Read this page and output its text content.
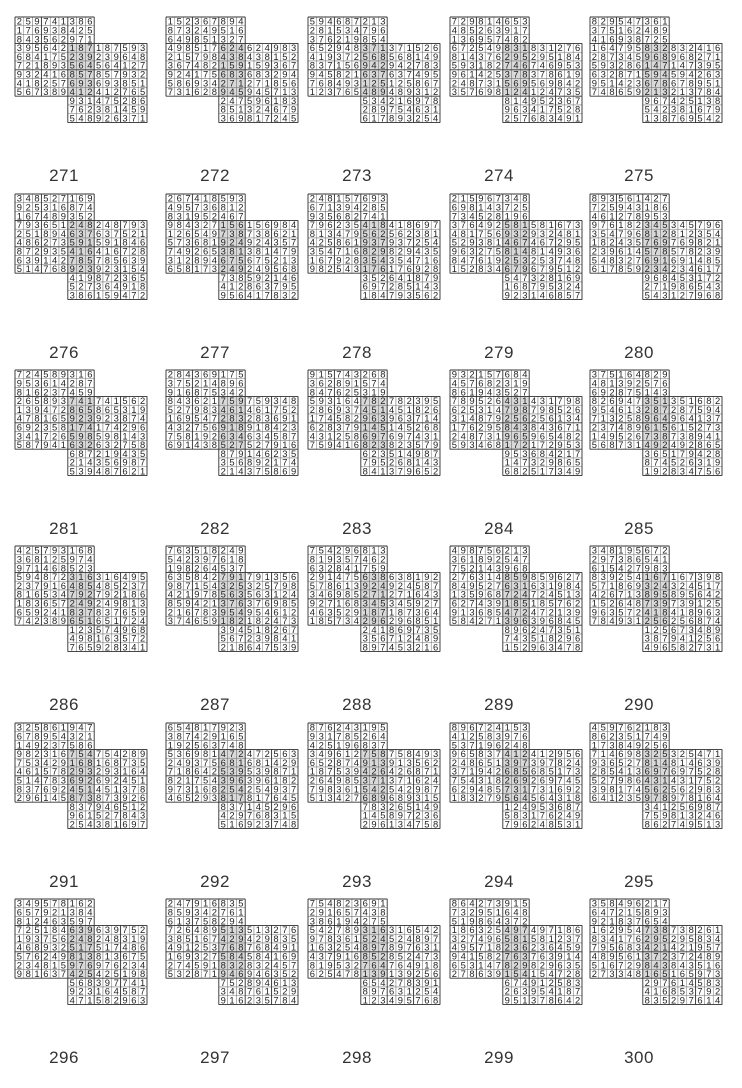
2 5 9 7 4 1 3 8 6
1 7 6 9 3 8 4 2 5
8 4 3 5 6 2 9 7 1
3 9 5 6 4 2 1 8 7 1 8 7 5 9 3
6 8 4 1 7 5 2 3 9 2 3 9 6 4 8
7 2 1 8 9 3 5 6 4 5 6 4 1 2 7
9 3 2 4 1 6 8 5 7 8 5 7 9 3 2
4 1 8 2 5 7 6 9 3 6 9 3 8 5 1
5 6 7 3 8 9 4 1 2 4 1 2 7 6 5
9 3 1 4 7 5 2 8 6
7 6 2 3 8 1 4 5 9
5 4 8 9 2 6 3 7 1
271
1 5 2 3 6 7 8 9 4
8 7 3 2 4 9 5 1 6
6 4 9 8 5 1 3 2 7
4 9 8 5 1 7 6 2 4 6 2 4 9 8 3
2 1 5 7 9 8 4 3 8 4 3 8 1 5 2
3 6 7 4 8 2 1 5 9 1 5 9 3 6 7
9 2 4 1 7 5 6 8 3 6 8 3 2 9 4
5 8 6 9 3 4 2 7 1 2 7 1 8 5 6
7 3 1 6 2 8 9 4 5 9 4 5 7 1 3
2 4 7 5 9 6 1 8 3
8 5 1 3 2 4 6 7 9
3 6 9 8 1 7 2 4 5
272
5 9 4 6 8 7 2 1 3
2 8 1 5 3 4 7 9 6
3 7 6 2 1 9 8 5 4
6 5 2 9 4 8 3 7 1 3 7 1 5 2 6
4 1 9 3 7 2 5 6 8 5 6 8 1 4 9
8 3 7 1 5 6 9 4 2 9 4 2 7 8 3
9 4 5 8 2 1 6 3 7 6 3 7 4 9 5
7 6 8 4 9 3 1 2 5 1 2 5 8 6 7
1 2 3 7 6 5 4 8 9 4 8 9 3 1 2
5 3 4 2 1 6 9 7 8
2 8 9 7 5 4 6 3 1
6 1 7 8 9 3 2 5 4
273
7 2 9 8 1 4 6 5 3
4 8 5 2 6 3 9 1 7
1 3 6 9 5 7 4 8 2
6 7 2 5 4 9 8 3 1 8 3 1 2 7 6
8 1 4 3 7 6 2 9 5 2 9 5 1 8 4
5 9 3 1 8 2 7 4 6 7 4 6 9 5 3
9 6 1 4 2 5 3 7 8 3 7 8 6 1 9
2 4 8 7 3 1 5 6 9 5 6 9 8 4 2
3 5 7 6 9 8 1 2 4 1 2 4 7 3 5
8 1 4 9 5 2 3 6 7
9 6 3 4 1 7 5 2 8
2 5 7 6 8 3 4 9 1
274
8 2 9 5 4 7 3 6 1
3 7 5 1 6 2 4 8 9
4 1 6 9 3 8 7 2 5
1 6 4 7 9 5 8 3 2 8 3 2 4 1 6
2 8 7 3 4 5 9 6 8 9 6 8 2 7 1
5 9 3 2 8 6 1 4 7 1 4 7 3 9 5
6 3 2 8 7 1 5 9 4 5 9 4 2 6 3
9 5 1 4 2 3 6 7 8 6 7 8 9 5 1
7 4 8 6 5 9 2 1 3 2 1 3 7 8 4
9 6 7 4 2 5 1 3 8
5 4 2 3 8 1 6 7 9
1 3 8 7 6 9 5 4 2
275
3 4 8 5 2 7 1 6 9
9 2 5 3 1 6 8 7 4
1 6 7 4 8 9 3 5 2
7 9 3 6 5 1 2 4 8 2 4 8 7 9 3
2 5 1 8 9 4 6 3 7 6 3 7 5 2 1
4 8 6 2 7 3 5 9 1 5 9 1 8 4 6
8 7 2 9 3 5 4 1 6 4 1 6 7 2 8
6 3 9 1 4 2 7 8 5 7 8 5 6 3 9
5 1 4 7 6 8 9 2 3 9 2 3 1 5 4
4 1 9 8 7 2 3 6 5
5 2 7 3 6 4 9 1 8
3 8 6 1 5 9 4 7 2
276
2 6 7 4 1 8 5 9 3
4 9 5 7 3 6 8 1 2
8 3 1 9 5 2 4 6 7
9 8 4 3 2 7 1 5 6 1 5 6 9 8 4
1 2 6 5 4 9 7 3 8 7 3 8 6 2 1
5 7 3 6 8 1 9 2 4 9 2 4 3 5 7
7 4 9 2 6 5 3 8 1 3 8 1 4 7 9
3 1 2 8 9 4 6 7 5 6 7 5 2 1 3
6 5 8 1 7 3 2 4 9 2 4 9 5 6 8
7 3 8 5 9 2 1 4 6
4 1 2 8 6 3 7 9 5
9 5 6 4 1 7 8 3 2
277
2 4 8 1 5 7 6 9 3
6 7 1 3 9 4 2 8 5
9 3 5 6 8 2 7 4 1
7 9 6 2 3 5 4 1 8 4 1 8 6 9 7
8 1 3 4 7 9 5 6 2 5 6 2 3 8 1
4 2 5 8 6 1 9 3 7 9 3 7 2 5 4
3 5 4 7 1 6 8 2 9 8 2 9 4 3 5
1 6 7 9 2 8 3 5 4 3 5 4 7 1 6
9 8 2 5 4 3 1 7 6 1 7 6 9 2 8
3 5 2 6 4 1 8 7 9
6 9 7 2 8 5 1 4 3
1 8 4 7 9 3 5 6 2
278
2 1 5 9 6 7 3 4 8
6 9 8 1 4 3 7 2 5
7 3 4 5 2 8 1 9 6
3 7 6 4 9 2 5 8 1 5 8 1 6 7 3
4 8 1 7 5 6 9 3 2 9 3 2 4 8 1
5 2 9 3 8 1 4 6 7 4 6 7 2 9 5
9 6 3 2 7 5 8 1 4 8 1 4 9 3 6
8 4 7 6 1 9 2 5 3 2 5 3 7 4 8
1 5 2 8 3 4 6 7 9 6 7 9 5 1 2
5 4 7 3 2 8 1 6 9
1 6 8 7 9 5 3 2 4
9 2 3 1 4 6 8 5 7
279
8 9 3 5 6 1 4 2 7
7 2 5 9 4 3 1 8 6
4 6 1 2 7 8 9 5 3
9 7 6 1 8 2 3 4 5 3 4 5 7 9 6
3 5 4 7 9 6 8 1 2 8 1 2 3 5 4
1 8 2 4 3 5 7 6 9 7 6 9 8 2 1
2 3 9 6 1 4 5 7 8 5 7 8 2 3 9
5 4 8 3 2 7 6 9 1 6 9 1 4 8 5
6 1 7 8 5 9 2 3 4 2 3 4 6 1 7
9 6 8 4 5 3 1 7 2
2 7 1 9 8 6 5 4 3
5 4 3 1 2 7 9 6 8
280
7 2 4 5 8 9 3 1 6
9 5 3 6 1 4 2 8 7
8 1 6 2 3 7 4 5 9
2 6 5 8 9 3 7 4 1 7 4 1 5 6 2
1 3 9 4 7 2 8 6 5 8 6 5 3 1 9
4 7 8 1 6 5 9 2 3 9 2 3 8 7 4
6 9 2 3 5 8 1 7 4 1 7 4 2 9 6
3 4 1 7 2 6 5 9 8 5 9 8 1 4 3
5 8 7 9 4 1 6 3 2 6 3 2 7 5 8
6 8 7 2 1 9 4 3 5
2 1 4 3 5 6 9 8 7
5 3 9 4 8 7 6 2 1
281
2 8 4 3 6 9 1 7 5
3 7 5 2 1 4 8 9 6
9 1 6 8 7 5 3 4 2
8 4 3 6 2 1 7 5 9 7 5 9 3 4 8
5 2 7 9 8 3 4 6 1 4 6 1 7 5 2
1 6 9 5 4 7 2 8 3 2 8 3 6 9 1
4 3 2 7 5 6 9 1 8 9 1 8 4 2 3
7 5 8 1 9 2 6 3 4 6 3 4 5 8 7
6 9 1 4 3 8 5 2 7 5 2 7 9 1 6
8 7 9 1 4 6 2 3 5
3 5 6 8 9 2 1 7 4
2 1 4 3 7 5 8 6 9
282
9 1 5 7 4 3 2 6 8
3 6 2 8 9 1 5 7 4
8 4 7 6 2 5 3 1 9
5 9 3 1 6 4 7 8 2 7 8 2 3 9 5
2 8 6 9 3 7 4 5 1 4 5 1 8 2 6
1 7 4 5 8 2 9 6 3 9 6 3 7 1 4
6 2 8 3 7 9 1 4 5 1 4 5 2 6 8
4 3 1 2 5 8 6 9 7 6 9 7 4 3 1
7 5 9 4 1 6 8 2 3 8 2 3 5 7 9
6 2 3 5 1 4 9 8 7
7 9 5 2 6 8 1 4 3
8 4 1 3 7 9 6 5 2
283
9 3 2 1 5 7 6 8 4
4 5 7 6 8 2 3 1 9
8 6 1 9 4 3 5 2 7
7 8 9 5 2 6 4 3 1 4 3 1 7 9 8
6 2 5 3 1 4 7 9 8 7 9 8 5 2 6
3 1 4 8 7 9 2 5 6 2 5 6 1 3 4
1 7 6 2 9 5 8 4 3 8 4 3 6 7 1
2 4 8 7 3 1 9 6 5 9 6 5 4 8 2
5 9 3 4 6 8 1 7 2 1 7 2 9 5 3
9 5 3 6 8 4 2 1 7
1 4 7 3 2 9 8 6 5
6 8 2 5 1 7 3 4 9
284
3 7 5 1 6 4 8 2 9
4 8 1 3 9 2 5 7 6
6 9 2 8 7 5 1 4 3
8 2 6 9 4 7 3 5 1 3 5 1 6 8 2
9 5 4 6 1 3 2 8 7 2 8 7 5 9 4
7 1 3 2 5 8 9 6 4 9 6 4 1 3 7
2 3 7 4 8 9 6 1 5 6 1 5 2 7 3
1 4 9 5 2 6 7 3 8 7 3 8 9 4 1
5 6 8 7 3 1 4 9 2 4 9 2 8 6 5
3 6 5 1 7 9 4 2 8
8 7 4 5 2 6 3 1 9
1 9 2 8 3 4 7 5 6
285
4 2 5 7 9 3 1 6 8
3 6 8 1 2 5 9 7 4
9 7 1 4 6 8 5 2 3
5 9 4 8 7 2 3 1 6 3 1 6 4 9 5
2 3 7 9 1 6 4 8 5 4 8 5 2 3 7
8 1 6 5 3 4 7 9 2 7 9 2 1 8 6
1 8 3 6 5 7 2 4 9 2 4 9 8 1 3
6 5 9 2 4 1 8 3 7 8 3 7 6 5 9
7 4 2 3 8 9 6 5 1 6 5 1 7 2 4
1 2 3 5 7 4 9 6 8
4 9 8 1 6 3 5 7 2
7 6 5 9 2 8 3 4 1
286
7 6 3 5 1 8 2 4 9
5 4 2 3 9 7 6 1 8
1 9 8 2 6 4 5 3 7
6 3 5 8 4 2 7 9 1 7 9 1 3 5 6
9 8 7 1 5 4 3 2 5 3 2 5 7 9 8
4 2 1 9 7 8 5 6 3 5 6 3 1 2 4
8 5 9 4 2 1 3 7 6 3 7 6 9 8 5
2 1 6 7 8 3 9 5 4 9 5 4 6 1 2
3 7 4 6 5 9 1 8 2 1 8 2 4 7 3
3 9 4 5 1 8 2 6 7
5 6 7 2 3 9 8 4 1
2 1 8 6 4 7 5 3 9
287
7 5 4 2 9 6 8 1 3
8 1 9 3 5 7 4 6 2
6 3 2 8 4 1 7 5 9
2 9 1 4 7 5 6 3 8 6 3 8 1 9 2
5 7 8 6 1 3 9 2 4 9 2 4 5 8 7
3 4 6 9 8 5 2 7 1 2 7 1 6 4 3
9 2 7 1 6 8 3 4 5 3 4 5 9 2 7
4 6 3 5 2 9 1 8 7 1 8 7 3 6 4
1 8 5 7 3 4 2 9 6 2 9 6 8 5 1
2 4 1 8 6 9 7 3 5
3 5 6 7 1 2 4 8 9
8 9 7 4 5 3 2 1 6
288
4 9 8 7 5 6 2 1 3
3 6 1 8 9 2 5 4 7
7 5 2 1 4 3 9 6 8
2 7 6 3 1 4 8 5 9 8 5 9 6 2 7
8 4 9 5 2 7 6 3 1 6 3 1 9 8 4
1 3 5 9 6 8 7 2 4 7 2 4 5 1 3
6 2 7 4 3 9 1 8 5 1 8 5 7 6 2
9 1 3 6 8 5 4 7 2 4 7 2 1 3 9
5 8 4 2 7 1 3 9 6 3 9 6 8 4 5
8 9 6 2 4 7 3 5 1
7 4 3 5 1 8 2 9 6
1 5 2 9 6 3 4 7 8
289
3 4 8 1 9 5 6 7 2
2 9 7 3 8 6 5 4 1
6 1 5 4 2 7 9 8 3
8 3 9 2 5 4 1 6 7 1 6 7 3 9 8
5 7 1 8 6 9 3 2 4 3 2 4 5 1 7
4 2 6 7 1 3 8 9 5 8 9 5 6 4 2
1 5 2 6 4 8 7 3 9 7 3 9 1 2 5
9 6 3 5 7 2 4 1 8 4 1 8 9 6 3
7 8 4 9 3 1 2 5 6 2 5 6 8 7 4
1 2 5 6 7 3 4 8 9
3 8 7 9 4 1 2 5 6
4 9 6 5 8 2 7 3 1
290
3 2 5 8 6 1 9 4 7
6 7 8 9 5 4 3 2 1
1 4 9 2 3 7 5 8 6
9 8 2 3 1 6 7 5 4 7 5 4 2 8 9
7 5 3 4 2 9 1 6 8 1 6 8 7 3 5
4 6 1 5 7 8 2 9 3 2 9 3 1 6 4
5 1 4 7 8 3 6 9 2 6 9 2 4 5 1
8 3 7 6 9 2 4 5 1 4 5 1 3 7 8
2 9 6 1 4 5 8 7 3 8 7 3 9 2 6
8 3 7 9 4 6 5 1 2
9 6 1 5 2 7 8 4 3
2 5 4 3 8 1 6 9 7
291
6 5 4 8 1 7 9 2 3
3 8 7 4 2 9 1 6 5
1 9 2 5 6 3 7 4 8
5 3 6 9 8 1 4 7 2 4 7 2 5 6 3
2 4 9 3 7 5 6 8 1 6 8 1 4 2 9
7 1 8 6 4 2 5 3 9 5 3 9 8 7 1
8 2 1 7 5 4 3 9 6 3 9 6 1 8 2
9 7 3 1 6 8 2 5 4 2 5 4 9 3 7
4 6 5 2 9 3 8 1 7 8 1 7 6 4 5
8 3 7 1 4 5 2 9 6
4 2 9 7 6 8 3 1 5
5 1 6 9 2 3 7 4 8
292
8 7 6 2 4 3 1 9 5
9 3 1 7 8 5 2 6 4
4 2 5 1 9 6 8 3 7
3 4 9 6 1 2 7 5 8 7 5 8 4 9 3
6 5 2 8 7 4 9 1 3 9 1 3 5 6 2
1 8 7 5 3 9 4 2 6 4 2 6 8 7 1
2 6 4 9 8 5 3 7 1 3 7 1 6 2 4
7 9 8 3 6 1 5 4 2 5 4 2 9 8 7
5 1 3 4 2 7 6 8 9 6 8 9 3 1 5
7 8 3 2 6 5 1 4 9
1 4 5 8 9 7 2 3 6
2 9 6 1 3 4 7 5 8
293
8 9 6 7 2 4 1 5 3
4 1 2 5 8 3 9 7 6
5 3 7 1 9 6 2 4 8
9 6 5 8 3 7 4 1 2 4 1 2 9 5 6
2 4 8 6 5 1 3 9 7 3 9 7 8 2 4
3 7 1 9 4 2 6 8 5 6 8 5 1 7 3
7 5 4 3 1 8 2 6 9 2 6 9 7 4 5
6 2 9 4 8 5 7 3 1 7 3 1 6 9 2
1 8 3 2 7 9 5 6 4 5 6 4 3 1 8
1 2 4 9 5 3 6 8 7
5 8 3 1 7 6 2 4 9
7 9 6 2 4 8 5 3 1
294
4 5 9 7 6 2 1 8 3
8 6 2 3 5 1 7 4 9
1 7 3 8 4 9 2 5 6
7 1 4 6 9 8 3 2 5 3 2 5 4 7 1
9 3 6 5 2 7 8 1 4 8 1 4 6 3 9
2 8 5 4 1 3 6 9 7 6 9 7 5 2 8
5 2 7 9 8 6 4 3 1 4 3 1 7 5 2
3 9 8 1 7 4 5 6 2 5 6 2 9 8 3
6 4 1 2 3 5 9 7 8 9 7 8 1 6 4
3 4 1 2 5 6 9 8 7
7 5 9 8 1 3 2 4 6
8 6 2 7 4 9 5 1 3
295
3 4 9 5 7 8 1 6 2
6 5 7 9 2 1 3 8 4
8 1 2 4 6 3 5 9 7
7 2 5 1 8 4 6 3 9 6 3 9 7 5 2
1 9 3 7 5 6 2 4 8 2 4 8 3 1 9
4 6 8 9 3 2 5 1 7 5 1 7 4 8 6
5 7 6 2 4 9 8 1 3 8 1 3 6 7 5
2 3 4 8 1 5 9 7 6 9 7 6 2 3 4
9 8 1 6 3 7 4 2 5 4 2 5 1 9 8
5 6 8 3 9 7 7 4 1
9 2 3 1 6 4 5 8 7
4 7 1 5 8 2 9 6 3
296
2 4 7 9 1 6 8 3 5
8 5 9 3 4 2 7 6 1
6 1 3 7 5 8 2 9 4
7 2 6 4 8 9 5 1 3 5 1 3 2 7 6
3 8 5 1 6 7 4 2 9 4 2 9 8 3 5
4 9 1 2 5 3 7 6 8 7 6 8 4 9 1
1 6 9 3 2 7 5 8 4 5 8 4 1 6 9
2 7 4 5 9 1 8 3 2 8 3 2 4 5 7
5 3 2 8 7 1 9 4 6 9 4 6 3 5 2
7 5 2 8 9 4 6 1 3
3 4 8 7 6 1 5 2 9
9 1 6 2 3 5 7 8 4
297
7 5 4 8 2 3 6 9 1
2 9 1 6 5 7 4 3 8
3 8 6 1 9 4 2 7 5
5 4 2 7 8 9 3 1 6 3 1 6 5 4 2
9 7 8 3 6 1 5 2 4 5 2 4 8 9 7
1 6 3 2 5 4 8 9 7 8 9 7 6 3 1
4 3 7 9 1 6 8 5 2 8 5 2 4 7 3
8 1 9 5 3 2 7 6 4 7 6 4 9 1 8
6 2 5 4 7 8 1 3 9 1 3 9 2 5 6
6 5 4 2 7 8 3 9 1
8 9 7 6 3 1 2 5 4
1 2 3 4 9 5 7 6 8
298
8 6 4 2 7 3 9 1 5
7 3 2 9 5 1 6 4 8
5 1 9 8 6 4 3 7 2
1 8 6 3 2 5 4 9 7 4 9 7 1 8 6
3 2 7 4 9 6 5 8 1 5 8 1 2 3 7
4 9 5 7 1 8 2 3 6 2 3 6 4 5 9
9 4 1 5 8 2 7 6 3 7 6 3 9 1 4
6 5 3 1 4 7 8 2 9 8 2 9 6 3 5
2 7 8 6 3 9 1 5 4 1 5 4 7 2 8
6 7 4 9 1 2 5 8 3
2 6 3 9 5 4 1 8 7
9 5 1 3 7 8 6 4 2
299
3 5 8 4 9 6 2 1 7
6 4 7 2 1 5 8 9 3
9 2 1 8 3 7 6 5 4
1 6 2 9 5 4 7 3 8 7 3 8 2 6 1
8 3 4 1 7 6 2 9 5 2 9 5 8 3 4
7 9 5 6 8 3 4 2 1 4 2 1 9 5 7
4 8 9 5 6 1 3 7 2 3 7 2 4 8 9
5 1 6 7 2 9 8 4 3 8 4 3 5 1 6
2 7 3 3 4 8 1 6 5 1 6 5 9 7 3
2 9 7 6 1 4 5 8 3
4 1 6 8 5 3 7 9 2
8 3 5 2 9 7 6 1 4
300
